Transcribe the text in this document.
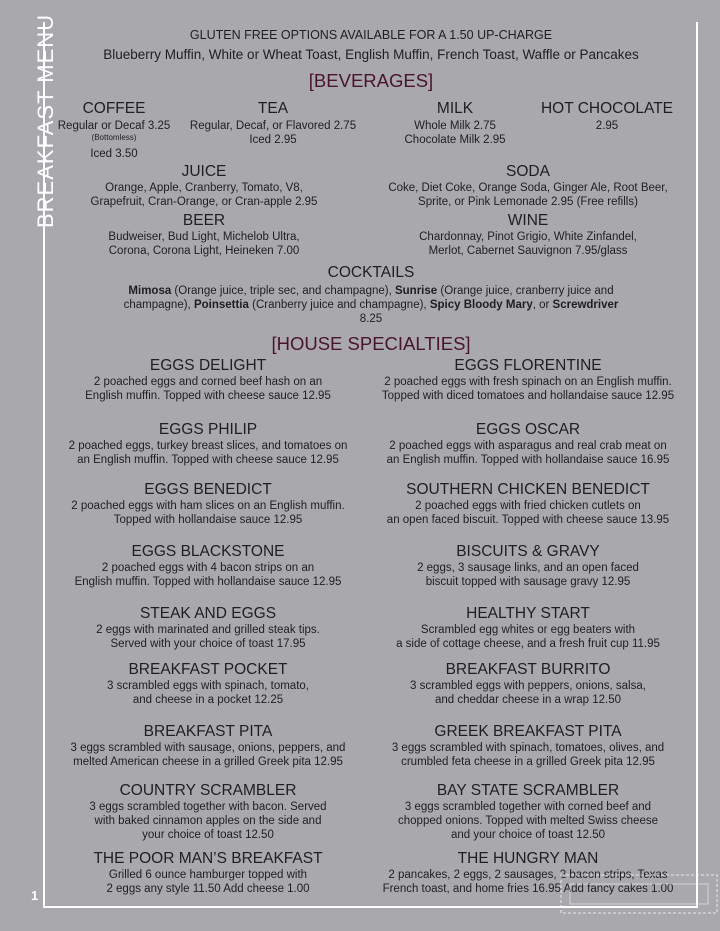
BREAKFAST MENU
1
GLUTEN FREE OPTIONS AVAILABLE FOR A 1.50 UP-CHARGE
Blueberry Muffin, White or Wheat Toast, English Muffin, French Toast, Waffle or Pancakes
[BEVERAGES]
COFFEE
Regular or Decaf 3.25
(Bottomless)
Iced 3.50
TEA
Regular, Decaf, or Flavored 2.75
Iced 2.95
MILK
Whole Milk 2.75
Chocolate Milk 2.95
HOT CHOCOLATE
2.95
JUICE
Orange, Apple, Cranberry, Tomato, V8,
Grapefruit, Cran-Orange, or Cran-apple 2.95
SODA
Coke, Diet Coke, Orange Soda, Ginger Ale, Root Beer,
Sprite, or Pink Lemonade 2.95 (Free refills)
BEER
Budweiser, Bud Light, Michelob Ultra,
Corona, Corona Light, Heineken 7.00
WINE
Chardonnay, Pinot Grigio, White Zinfandel,
Merlot, Cabernet Sauvignon 7.95/glass
COCKTAILS
Mimosa (Orange juice, triple sec, and champagne), Sunrise (Orange juice, cranberry juice and
champagne), Poinsettia (Cranberry juice and champagne), Spicy Bloody Mary, or Screwdriver
8.25
[HOUSE SPECIALTIES]
EGGS DELIGHT
2 poached eggs and corned beef hash on an
English muffin. Topped with cheese sauce 12.95
EGGS PHILIP
2 poached eggs, turkey breast slices, and tomatoes on
an English muffin. Topped with cheese sauce 12.95
EGGS BENEDICT
2 poached eggs with ham slices on an English muffin.
Topped with hollandaise sauce 12.95
EGGS BLACKSTONE
2 poached eggs with 4 bacon strips on an
English muffin. Topped with hollandaise sauce 12.95
STEAK AND EGGS
2 eggs with marinated and grilled steak tips.
Served with your choice of toast 17.95
BREAKFAST POCKET
3 scrambled eggs with spinach, tomato,
and cheese in a pocket 12.25
BREAKFAST PITA
3 eggs scrambled with sausage, onions, peppers, and
melted American cheese in a grilled Greek pita 12.95
COUNTRY SCRAMBLER
3 eggs scrambled together with bacon. Served
with baked cinnamon apples on the side and
your choice of toast 12.50
THE POOR MAN’S BREAKFAST
Grilled 6 ounce hamburger topped with
2 eggs any style 11.50 Add cheese 1.00
EGGS FLORENTINE
2 poached eggs with fresh spinach on an English muffin.
Topped with diced tomatoes and hollandaise sauce 12.95
EGGS OSCAR
2 poached eggs with asparagus and real crab meat on
an English muffin. Topped with hollandaise sauce 16.95
SOUTHERN CHICKEN BENEDICT
2 poached eggs with fried chicken cutlets on
an open faced biscuit. Topped with cheese sauce 13.95
BISCUITS & GRAVY
2 eggs, 3 sausage links, and an open faced
biscuit topped with sausage gravy 12.95
HEALTHY START
Scrambled egg whites or egg beaters with
a side of cottage cheese, and a fresh fruit cup 11.95
BREAKFAST BURRITO
3 scrambled eggs with peppers, onions, salsa,
and cheddar cheese in a wrap 12.50
GREEK BREAKFAST PITA
3 eggs scrambled with spinach, tomatoes, olives, and
crumbled feta cheese in a grilled Greek pita 12.95
BAY STATE SCRAMBLER
3 eggs scrambled together with corned beef and
chopped onions. Topped with melted Swiss cheese
and your choice of toast 12.50
THE HUNGRY MAN
2 pancakes, 2 eggs, 2 sausages, 2 bacon strips, Texas
French toast, and home fries 16.95 Add fancy cakes 1.00
